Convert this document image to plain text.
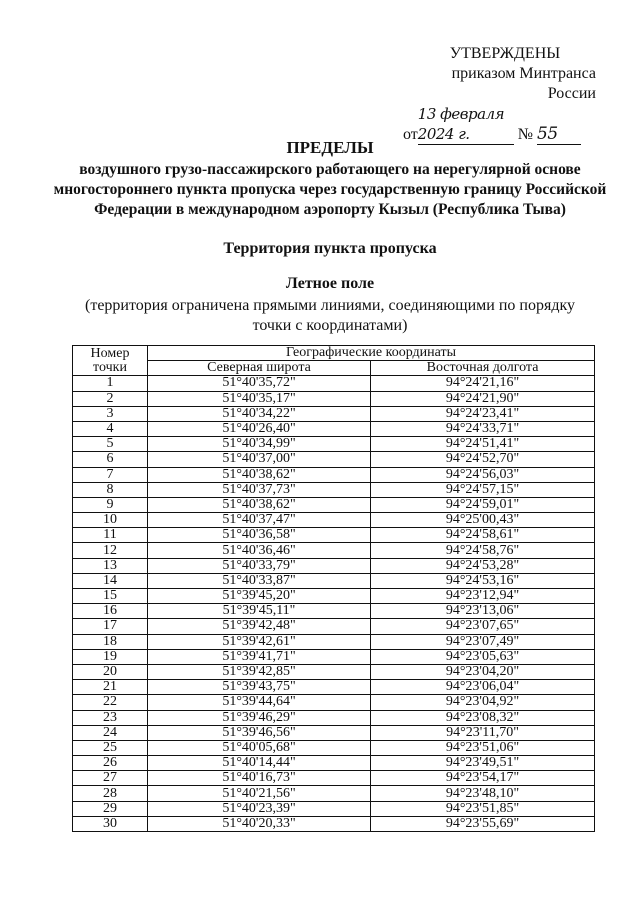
УТВЕРЖДЕНЫ
приказом Минтранса России
от13 февраля 2024 г.	№ 55
ПРЕДЕЛЫ
воздушного грузо-пассажирского работающего на нерегулярной основе
многостороннего пункта пропуска через государственную границу Российской
Федерации в международном аэропорту Кызыл (Республика Тыва)
Территория пункта пропуска
Летное поле
(территория ограничена прямыми линиями, соединяющими по порядку точки с координатами)
Номер
точки	Географические координаты	
	Северная широта	Восточная долгота
1	51°40'35,72"	94°24'21,16"
2	51°40'35,17"	94°24'21,90"
3	51°40'34,22"	94°24'23,41"
4	51°40'26,40"	94°24'33,71"
5	51°40'34,99"	94°24'51,41"
6	51°40'37,00"	94°24'52,70"
7	51°40'38,62"	94°24'56,03"
8	51°40'37,73"	94°24'57,15"
9	51°40'38,62"	94°24'59,01"
10	51°40'37,47"	94°25'00,43"
11	51°40'36,58"	94°24'58,61"
12	51°40'36,46"	94°24'58,76"
13	51°40'33,79"	94°24'53,28"
14	51°40'33,87"	94°24'53,16"
15	51°39'45,20"	94°23'12,94"
16	51°39'45,11"	94°23'13,06"
17	51°39'42,48"	94°23'07,65"
18	51°39'42,61"	94°23'07,49"
19	51°39'41,71"	94°23'05,63"
20	51°39'42,85"	94°23'04,20"
21	51°39'43,75"	94°23'06,04"
22	51°39'44,64"	94°23'04,92"
23	51°39'46,29"	94°23'08,32"
24	51°39'46,56"	94°23'11,70"
25	51°40'05,68"	94°23'51,06"
26	51°40'14,44"	94°23'49,51"
27	51°40'16,73"	94°23'54,17"
28	51°40'21,56"	94°23'48,10"
29	51°40'23,39"	94°23'51,85"
30	51°40'20,33"	94°23'55,69"
